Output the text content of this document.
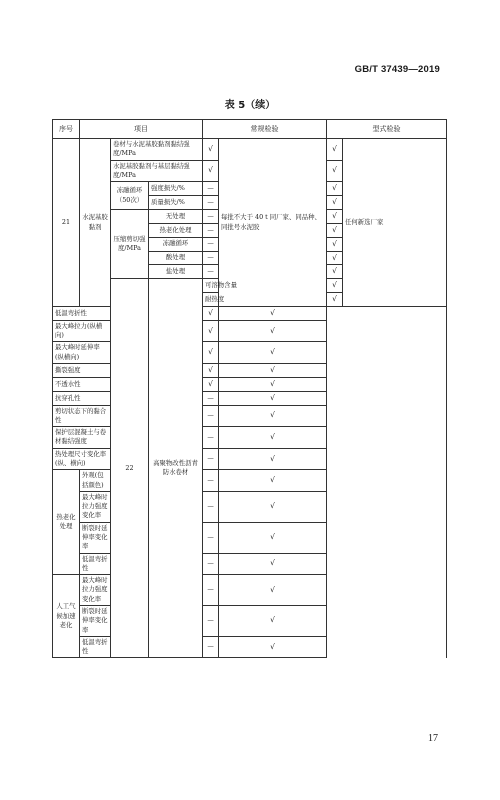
GB/T 37439—2019
表 5（续）
序号	项目			常规检验		型式检验		
21	水泥基胶黏剂	卷材与水泥基胶黏剂黏结强度/MPa		√	每批不大于 40 t 同厂家、同品种、同批号水泥胶	√	任何新选厂家	
		水泥基胶黏剂与基层黏结强度/MPa		√		√		
		冻融循环（50次）	强度损失/%	—		√		
			质量损失/%	—		√		
		压缩剪切强度/MPa	无处理	—		√		
			热老化处理	—		√		
			冻融循环	—		√		
			酸处理	—		√		
			盐处理	—		√		
		22	高聚物改性沥青防水卷材	可溶物含量		√			
				耐热度		√	
低温弯折性				√	√			
最大峰拉力(纵横向)				√	√			
最大峰时延伸率(纵横向)				√	√			
撕裂强度				√	√			
不透水性				√	√			
抗穿孔性				—	√			
剪切状态下的黏合性				—	√			
保护层混凝土与卷材黏结强度				—	√			
热处理尺寸变化率(纵、横向)				—	√			
热老化处理	外观(包括颜色)			—	√			
	最大峰时拉力强度变化率			—	√			
	断裂时延伸率变化率			—	√			
	低温弯折性			—	√			
人工气候加速老化	最大峰时拉力强度变化率			—	√			
	断裂时延伸率变化率			—	√			
	低温弯折性			—	√			
17
